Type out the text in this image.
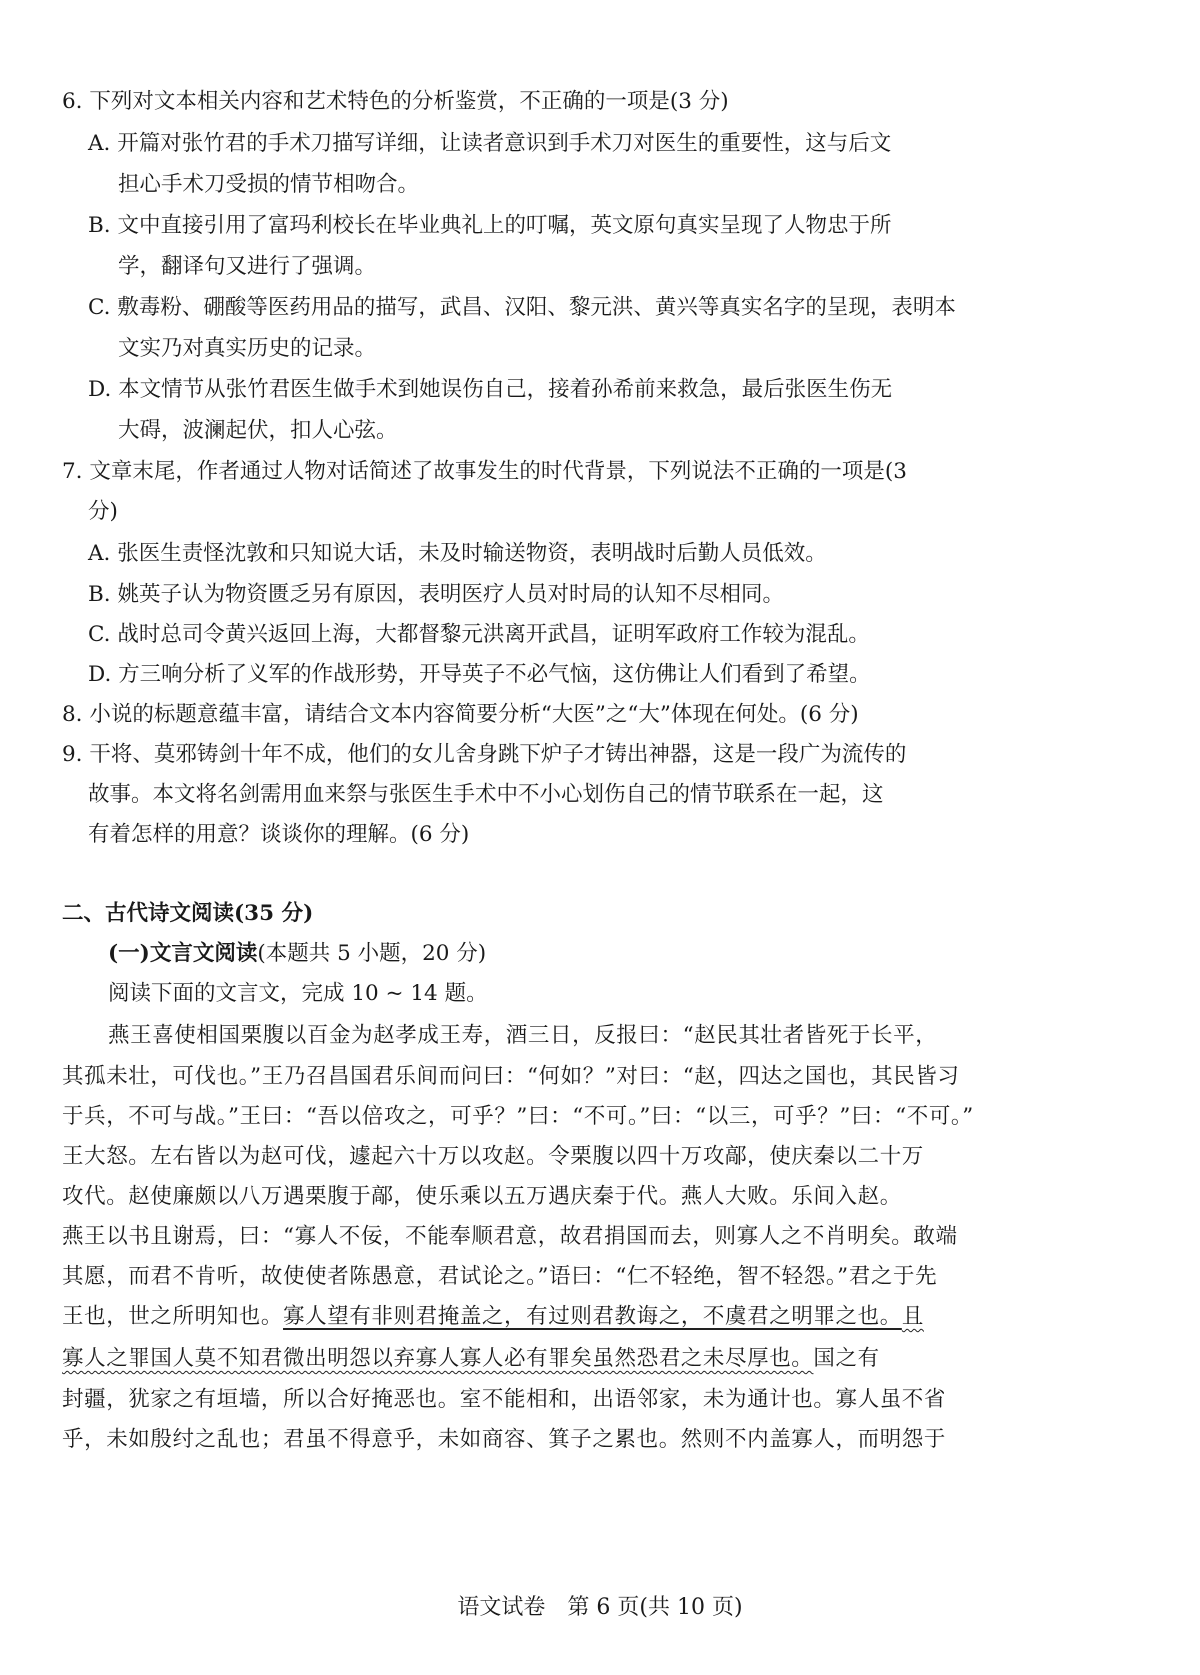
6. 下列对文本相关内容和艺术特色的分析鉴赏，不正确的一项是(3 分)
A. 开篇对张竹君的手术刀描写详细，让读者意识到手术刀对医生的重要性，这与后文
担心手术刀受损的情节相吻合。
B. 文中直接引用了富玛利校长在毕业典礼上的叮嘱，英文原句真实呈现了人物忠于所
学，翻译句又进行了强调。
C. 敷毒粉、硼酸等医药用品的描写，武昌、汉阳、黎元洪、黄兴等真实名字的呈现，表明本
文实乃对真实历史的记录。
D. 本文情节从张竹君医生做手术到她误伤自己，接着孙希前来救急，最后张医生伤无
大碍，波澜起伏，扣人心弦。
7. 文章末尾，作者通过人物对话简述了故事发生的时代背景，下列说法不正确的一项是(3
分)
A. 张医生责怪沈敦和只知说大话，未及时输送物资，表明战时后勤人员低效。
B. 姚英子认为物资匮乏另有原因，表明医疗人员对时局的认知不尽相同。
C. 战时总司令黄兴返回上海，大都督黎元洪离开武昌，证明军政府工作较为混乱。
D. 方三响分析了义军的作战形势，开导英子不必气恼，这仿佛让人们看到了希望。
8. 小说的标题意蕴丰富，请结合文本内容简要分析“大医”之“大”体现在何处。(6 分)
9. 干将、莫邪铸剑十年不成，他们的女儿舍身跳下炉子才铸出神器，这是一段广为流传的
故事。本文将名剑需用血来祭与张医生手术中不小心划伤自己的情节联系在一起，这
有着怎样的用意？谈谈你的理解。(6 分)
二、古代诗文阅读(35 分)
(一)文言文阅读(本题共 5 小题，20 分)
阅读下面的文言文，完成 10 ~ 14 题。
燕王喜使相国栗腹以百金为赵孝成王寿，酒三日，反报曰：“赵民其壮者皆死于长平，
其孤未壮，可伐也。”王乃召昌国君乐间而问曰：“何如？”对曰：“赵，四达之国也，其民皆习
于兵，不可与战。”王曰：“吾以倍攻之，可乎？”曰：“不可。”曰：“以三，可乎？”曰：“不可。”
王大怒。左右皆以为赵可伐，遽起六十万以攻赵。令栗腹以四十万攻鄗，使庆秦以二十万
攻代。赵使廉颇以八万遇栗腹于鄗，使乐乘以五万遇庆秦于代。燕人大败。乐间入赵。
燕王以书且谢焉，曰：“寡人不佞，不能奉顺君意，故君捐国而去，则寡人之不肖明矣。敢端
其愿，而君不肯听，故使使者陈愚意，君试论之。”语曰：“仁不轻绝，智不轻怨。”君之于先
王也，世之所明知也。寡人望有非则君掩盖之，有过则君教诲之，不虞君之明罪之也。且
寡人之罪国人莫不知君微出明怨以弃寡人寡人必有罪矣虽然恐君之未尽厚也。国之有
封疆，犹家之有垣墙，所以合好掩恶也。室不能相和，出语邻家，未为通计也。寡人虽不省
乎，未如殷纣之乱也；君虽不得意乎，未如商容、箕子之累也。然则不内盖寡人，而明怨于
语文试卷　第 6 页(共 10 页)
